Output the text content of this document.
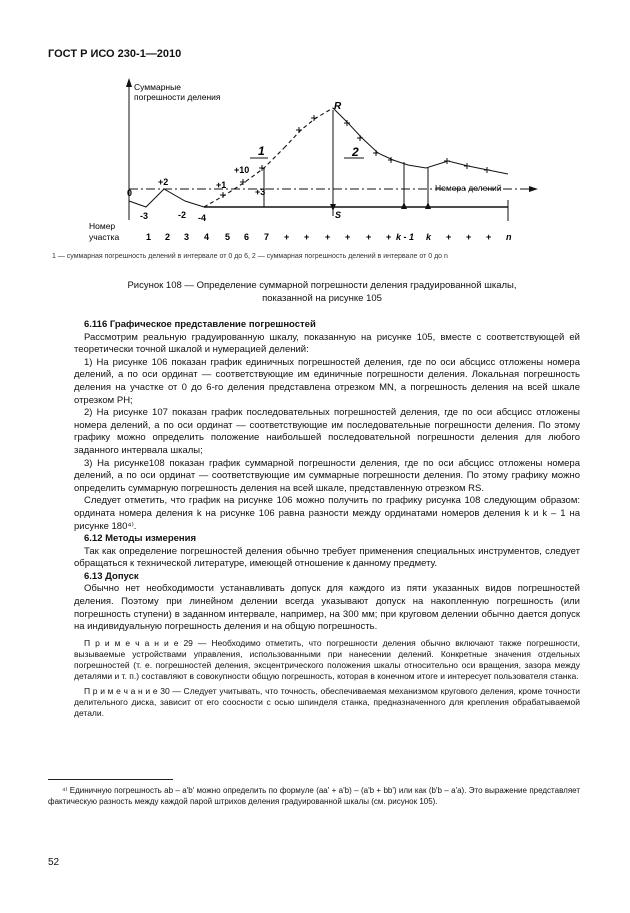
ГОСТ Р ИСО 230-1—2010
Суммарные
погрешности деления
Номера делений
0
-3
+2
-2 -4
+1
+10
+3
R
S
1	2
Номер
участка	1 2 3 4 5 6 7 + + + + + + k - 1 k + + + n
1 — суммарная погрешность делений в интервале от 0 до 6, 2 — суммарная погрешность делений в интервале от 0 до n
Рисунок 108 — Определение суммарной погрешности деления градуированной шкалы,
показанной на рисунке 105
6.116 Графическое представление погрешностей

Рассмотрим реальную градуированную шкалу, показанную на рисунке 105, вместе с соответствующей ей теоретически точной шкалой и нумерацией делений:

1) На рисунке 106 показан график единичных погрешностей деления, где по оси абсцисс отложены номера делений, а по оси ординат — соответствующие им единичные погрешности деления. Локальная погрешность деления на участке от 0 до 6-го деления представлена отрезком MN, а погрешность деления на всей шкале отрезком PH;

2) На рисунке 107 показан график последовательных погрешностей деления, где по оси абсцисс отложены номера делений, а по оси ординат — соответствующие им последовательные погрешности деления. По этому графику можно определить положение наибольшей последовательной погрешности деления для любого заданного интервала шкалы;

3) На рисунке108 показан график суммарной погрешности деления, где по оси абсцисс отложены номера делений, а по оси ординат — соответствующие им суммарные погрешности деления. По этому графику можно определить суммарную погрешность деления на всей шкале, представленную отрезком RS.

Следует отметить, что график на рисунке 106 можно получить по графику рисунка 108 следующим образом: ордината номера деления k на рисунке 106 равна разности между ординатами номеров деления k и k – 1 на рисунке 180⁴⁾.

6.12 Методы измерения

Так как определение погрешностей деления обычно требует применения специальных инструментов, следует обращаться к технической литературе, имеющей отношение к данному предмету.

6.13 Допуск

Обычно нет необходимости устанавливать допуск для каждого из пяти указанных видов погрешностей деления. Поэтому при линейном делении всегда указывают допуск на накопленную погрешность (или погрешность ступени) в заданном интервале, например, на 300 мм; при круговом делении обычно дается допуск на индивидуальную погрешность деления и на общую погрешность.

П р и м е ч а н и е 29 — Необходимо отметить, что погрешности деления обычно включают также погрешности, вызываемые устройствами управления, использованными при нанесении делений. Конкретные значения отдельных погрешностей (т. е. погрешностей деления, эксцентрического положения шкалы относительно оси вращения, зазора между деталями и т. п.) составляют в совокупности общую погрешность, которая в конечном итоге и интересует пользователя станка.

П р и м е ч а н и е 30 — Следует учитывать, что точность, обеспечиваемая механизмом кругового деления, кроме точности делительного диска, зависит от его соосности с осью шпинделя станка, предназначенного для крепления обрабатываемой детали.

⁴⁾ Единичную погрешность ab – a'b' можно определить по формуле (aa' + a'b) – (a'b + bb') или как (b'b – a'a). Это выражение представляет фактическую разность между каждой парой штрихов деления градуированной шкалы (см. рисунок 105).
52
